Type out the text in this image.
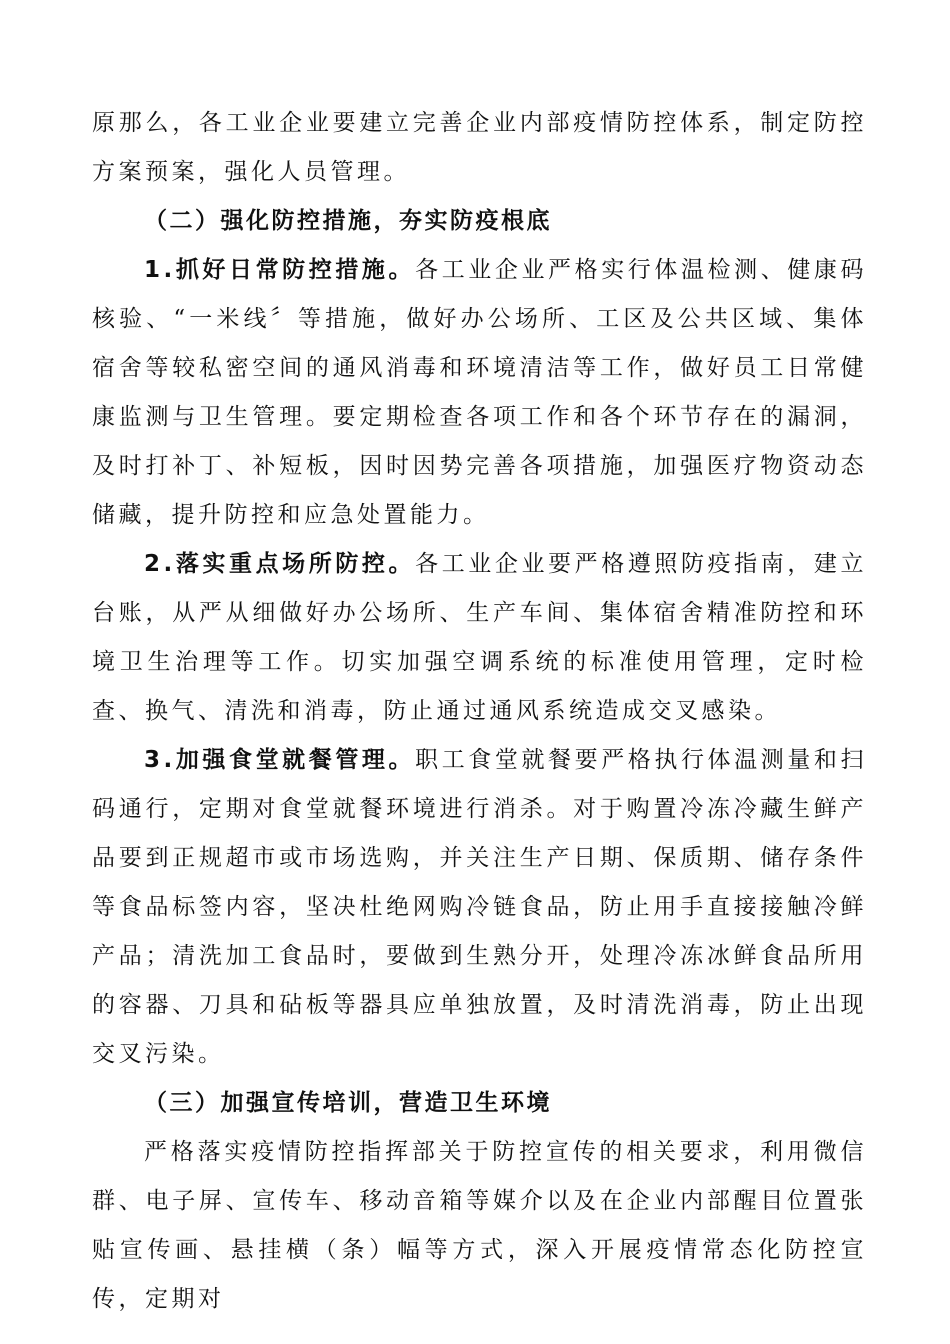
原那么，各工业企业要建立完善企业内部疫情防控体系，制定防控方案预案，强化人员管理。

（二）强化防控措施，夯实防疫根底

1.抓好日常防控措施。各工业企业严格实行体温检测、健康码核验、“一米线〞等措施，做好办公场所、工区及公共区域、集体宿舍等较私密空间的通风消毒和环境清洁等工作，做好员工日常健康监测与卫生管理。要定期检查各项工作和各个环节存在的漏洞，及时打补丁、补短板，因时因势完善各项措施，加强医疗物资动态储藏，提升防控和应急处置能力。

2.落实重点场所防控。各工业企业要严格遵照防疫指南，建立台账，从严从细做好办公场所、生产车间、集体宿舍精准防控和环境卫生治理等工作。切实加强空调系统的标准使用管理，定时检查、换气、清洗和消毒，防止通过通风系统造成交叉感染。

3.加强食堂就餐管理。职工食堂就餐要严格执行体温测量和扫码通行，定期对食堂就餐环境进行消杀。对于购置冷冻冷藏生鲜产品要到正规超市或市场选购，并关注生产日期、保质期、储存条件等食品标签内容，坚决杜绝网购冷链食品，防止用手直接接触冷鲜产品；清洗加工食品时，要做到生熟分开，处理冷冻冰鲜食品所用的容器、刀具和砧板等器具应单独放置，及时清洗消毒，防止出现交叉污染。

（三）加强宣传培训，营造卫生环境

严格落实疫情防控指挥部关于防控宣传的相关要求，利用微信群、电子屏、宣传车、移动音箱等媒介以及在企业内部醒目位置张贴宣传画、悬挂横（条）幅等方式，深入开展疫情常态化防控宣传，定期对
